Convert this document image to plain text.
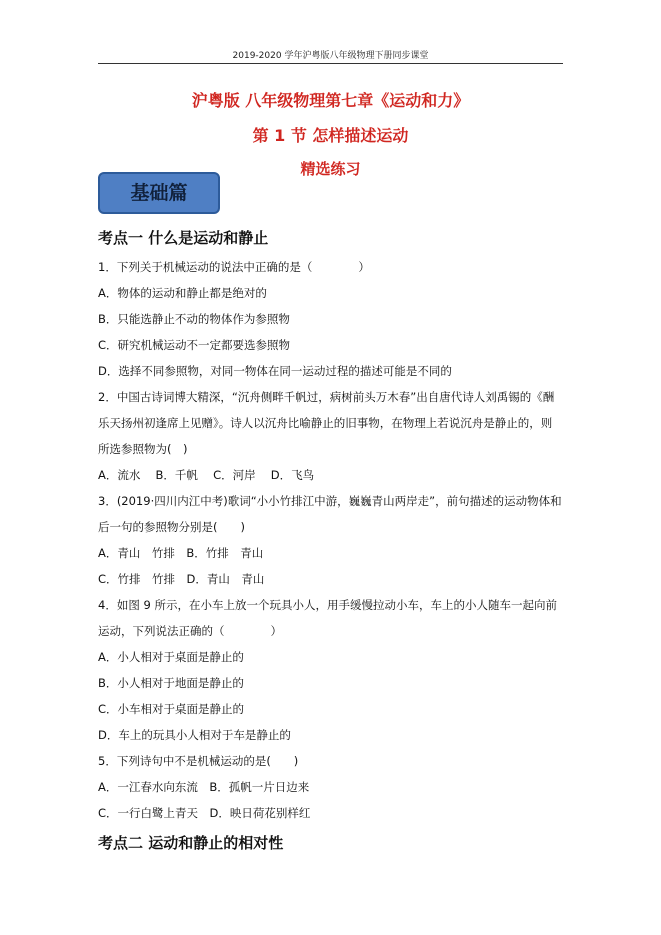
2019-2020 学年沪粤版八年级物理下册同步课堂
沪粤版 八年级物理第七章《运动和力》
第 1 节 怎样描述运动
精选练习
基础篇
考点一 什么是运动和静止
1．下列关于机械运动的说法中正确的是（　　　　）
A．物体的运动和静止都是绝对的
B．只能选静止不动的物体作为参照物
C．研究机械运动不一定都要选参照物
D．选择不同参照物，对同一物体在同一运动过程的描述可能是不同的
2．中国古诗词博大精深，“沉舟侧畔千帆过，病树前头万木春”出自唐代诗人刘禹锡的《酬
乐天扬州初逢席上见赠》。诗人以沉舟比喻静止的旧事物，在物理上若说沉舟是静止的，则
所选参照物为(　)
A．流水　 B．千帆　 C．河岸　 D．飞鸟
3．(2019·四川内江中考)歌词“小小竹排江中游，巍巍青山两岸走”，前句描述的运动物体和
后一句的参照物分别是(　　)
A．青山　竹排　B．竹排　青山
C．竹排　竹排　D．青山　青山
4．如图 9 所示，在小车上放一个玩具小人，用手缓慢拉动小车，车上的小人随车一起向前
运动，下列说法正确的（　　　　）
A．小人相对于桌面是静止的
B．小人相对于地面是静止的
C．小车相对于桌面是静止的
D．车上的玩具小人相对于车是静止的
5．下列诗句中不是机械运动的是(　　)
A．一江春水向东流　B．孤帆一片日边来
C．一行白鹭上青天　D．映日荷花别样红
考点二 运动和静止的相对性
